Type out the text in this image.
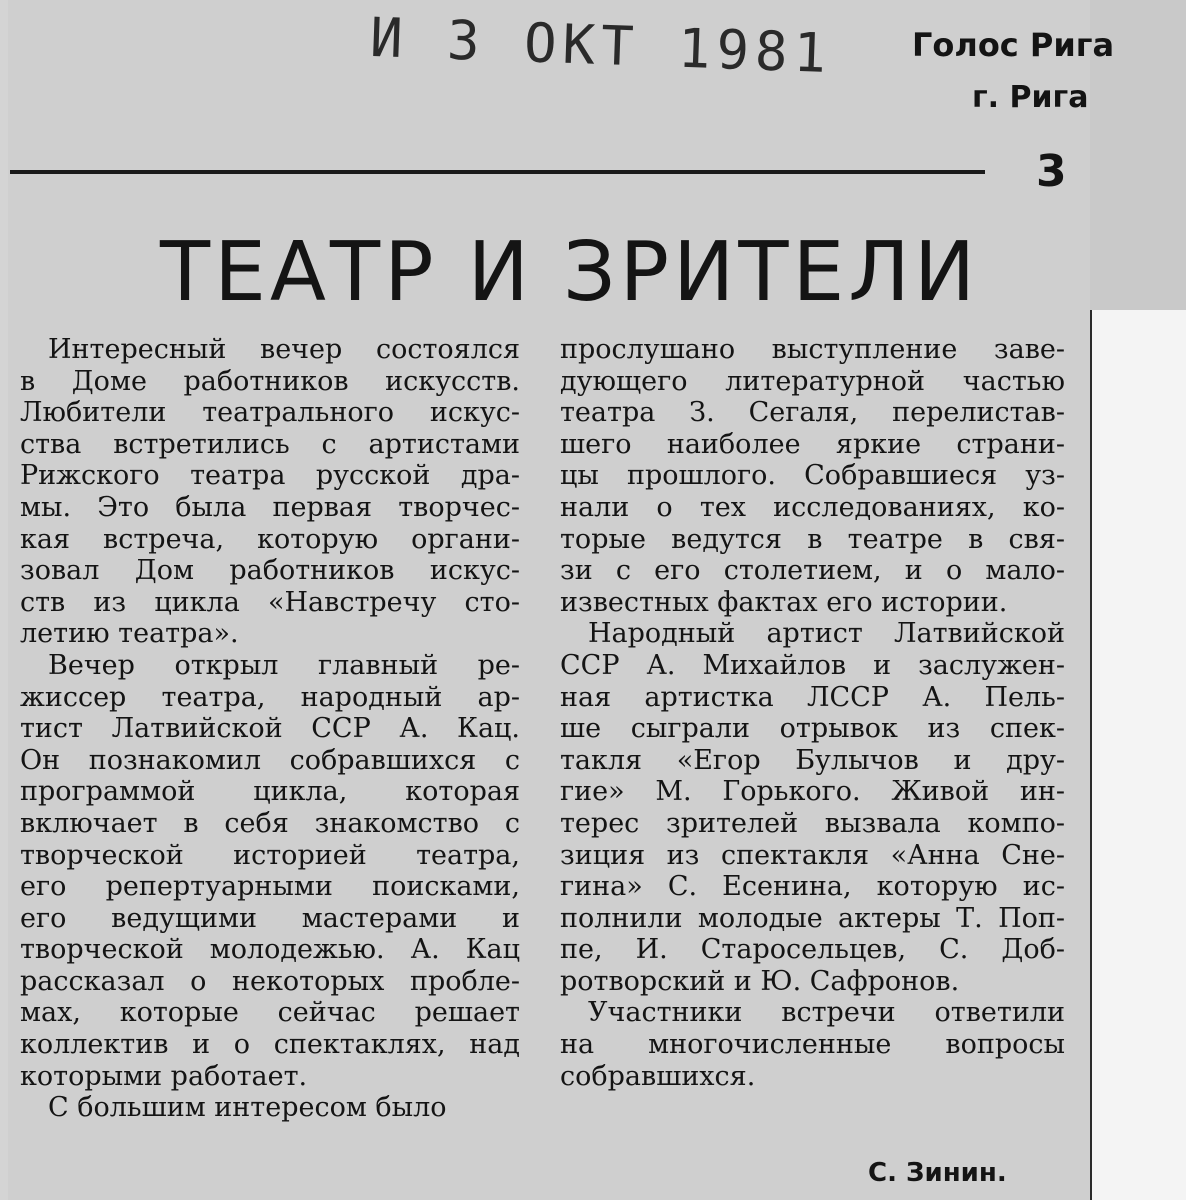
И 3 ОКТ 1981 Голос Рига
г. Рига
3
ТЕАТР И ЗРИТЕЛИ
Интересный вечер состоялся
в Доме работников искусств.
Любители театрального искус-
ства встретились с артистами
Рижского театра русской дра-
мы. Это была первая творчес-
кая встреча, которую органи-
зовал Дом работников искус-
ств из цикла «Навстречу сто-
летию театра».
Вечер открыл главный ре-
жиссер театра, народный ар-
тист Латвийской ССР А. Кац.
Он познакомил собравшихся с
программой цикла, которая
включает в себя знакомство с
творческой историей театра,
его репертуарными поисками,
его ведущими мастерами и
творческой молодежью. А. Кац
рассказал о некоторых пробле-
мах, которые сейчас решает
коллектив и о спектаклях, над
которыми работает.
С большим интересом было
прослушано выступление заве-
дующего литературной частью
театра З. Сегаля, перелистав-
шего наиболее яркие страни-
цы прошлого. Собравшиеся уз-
нали о тех исследованиях, ко-
торые ведутся в театре в свя-
зи с его столетием, и о мало-
известных фактах его истории.
Народный артист Латвийской
ССР А. Михайлов и заслужен-
ная артистка ЛССР А. Пель-
ше сыграли отрывок из спек-
такля «Егор Булычов и дру-
гие» М. Горького. Живой ин-
терес зрителей вызвала компо-
зиция из спектакля «Анна Сне-
гина» С. Есенина, которую ис-
полнили молодые актеры Т. Поп-
пе, И. Старосельцев, С. Доб-
ротворский и Ю. Сафронов.
Участники встречи ответили
на многочисленные вопросы
собравшихся.
С. Зинин.
